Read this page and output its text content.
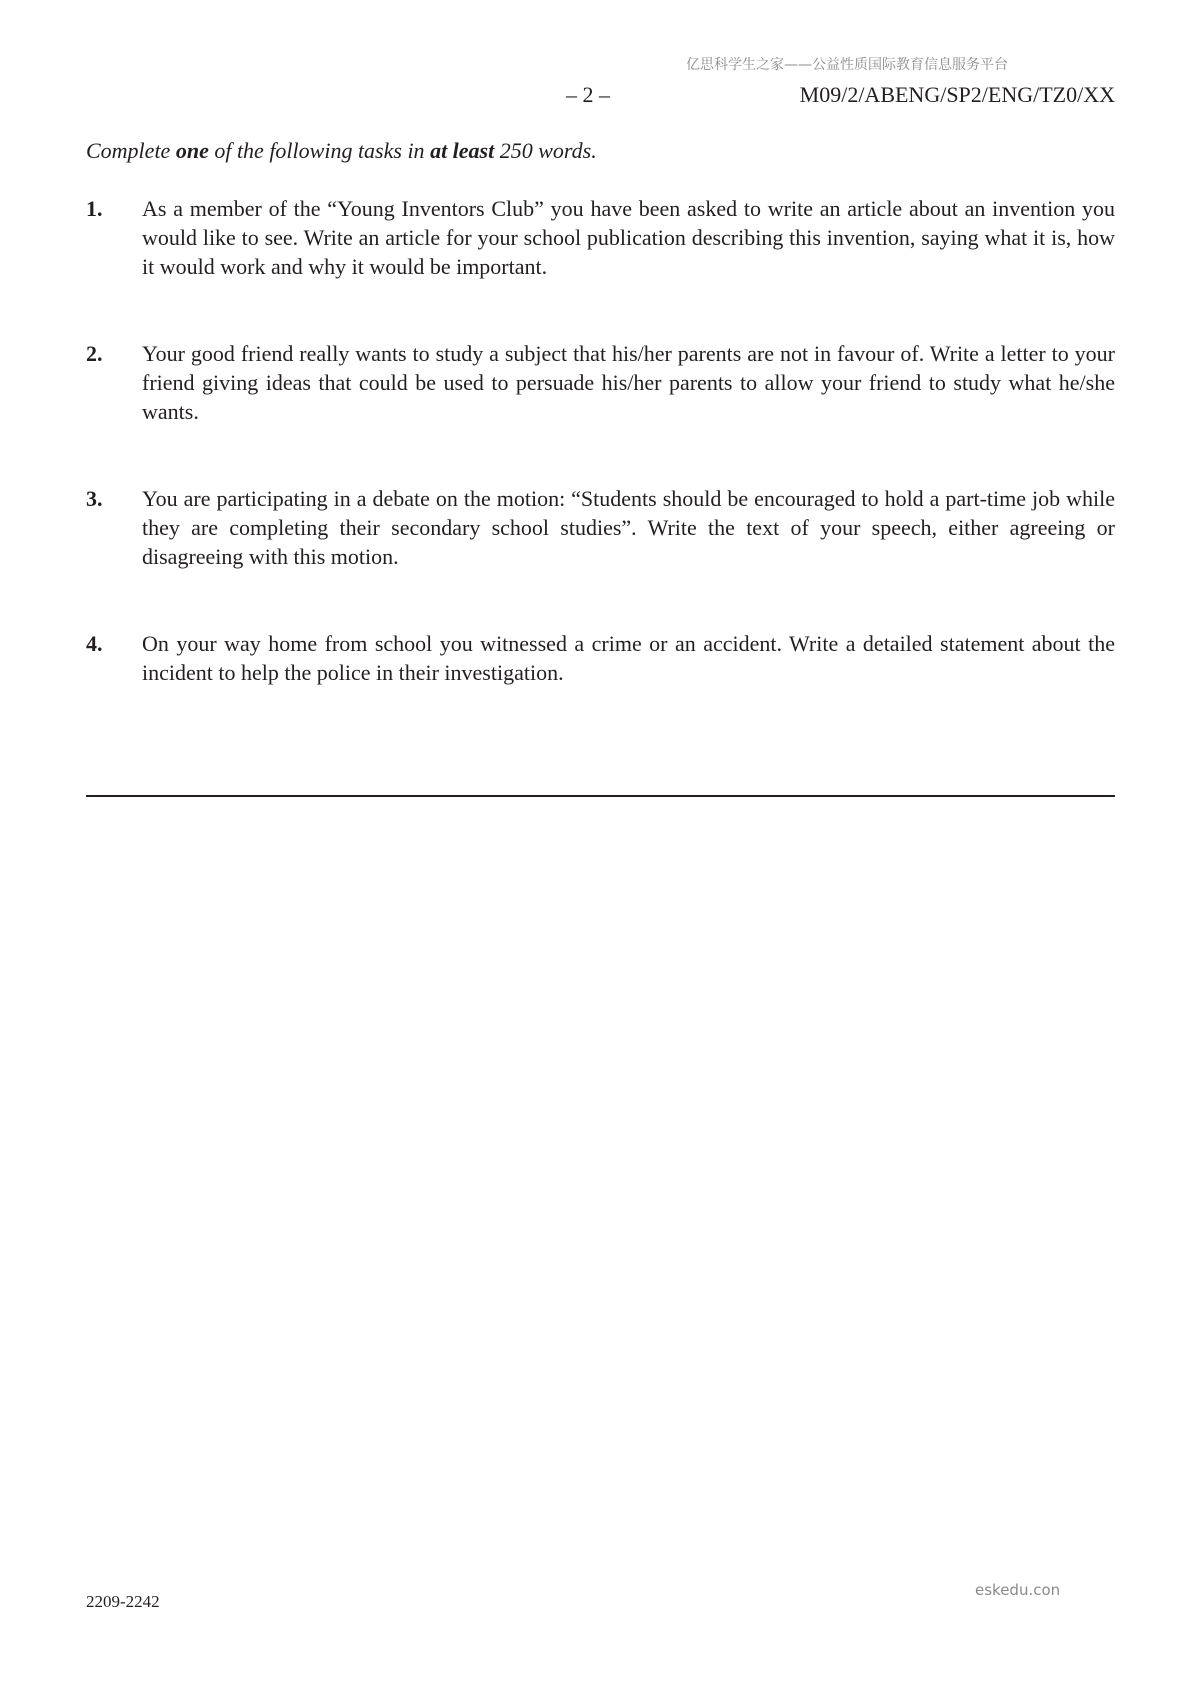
亿思科学生之家——公益性质国际教育信息服务平台
– 2 –	M09/2/ABENG/SP2/ENG/TZ0/XX
Complete one of the following tasks in at least 250 words.
1.	As a member of the “Young Inventors Club” you have been asked to write an article about an invention you would like to see. Write an article for your school publication describing this invention, saying what it is, how it would work and why it would be important.
2.	Your good friend really wants to study a subject that his/her parents are not in favour of. Write a letter to your friend giving ideas that could be used to persuade his/her parents to allow your friend to study what he/she wants.
3.	You are participating in a debate on the motion: “Students should be encouraged to hold a part-time job while they are completing their secondary school studies”. Write the text of your speech, either agreeing or disagreeing with this motion.
4.	On your way home from school you witnessed a crime or an accident. Write a detailed statement about the incident to help the police in their investigation.
2209-2242
eskedu.con
